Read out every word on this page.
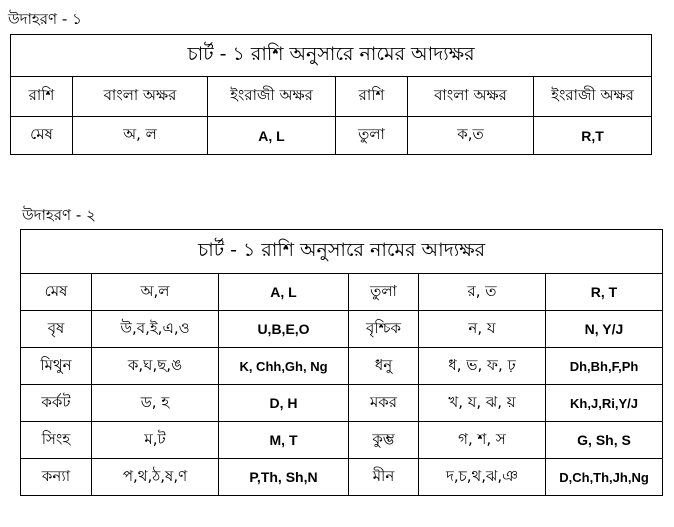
উদাহরণ - ১
চার্ট - ১ রাশি অনুসারে নামের আদ্যক্ষর					
রাশি	বাংলা অক্ষর	ইংরাজী অক্ষর	রাশি	বাংলা অক্ষর	ইংরাজী অক্ষর
মেষ	অ, ল	A, L	তুলা	ক,ত	R,T
উদাহরণ - ২
চার্ট - ১ রাশি অনুসারে নামের আদ্যক্ষর					
মেষ	অ,ল	A, L	তুলা	র, ত	R, T
বৃষ	উ,ব,ই,এ,ও	U,B,E,O	বৃশ্চিক	ন, য	N, Y/J
মিথুন	ক,ঘ,ছ,ঙ	K, Chh,Gh, Ng	ধনু	ধ, ভ, ফ, ঢ়	Dh,Bh,F,Ph
কর্কট	ড, হ	D, H	মকর	খ, য, ঝ, য়	Kh,J,Ri,Y/J
সিংহ	ম,ট	M, T	কুম্ভ	গ, শ, স	G, Sh, S
কন্যা	প,থ,ঠ,ষ,ণ	P,Th, Sh,N	মীন	দ,চ,থ,ঝ,ঞ	D,Ch,Th,Jh,Ng
